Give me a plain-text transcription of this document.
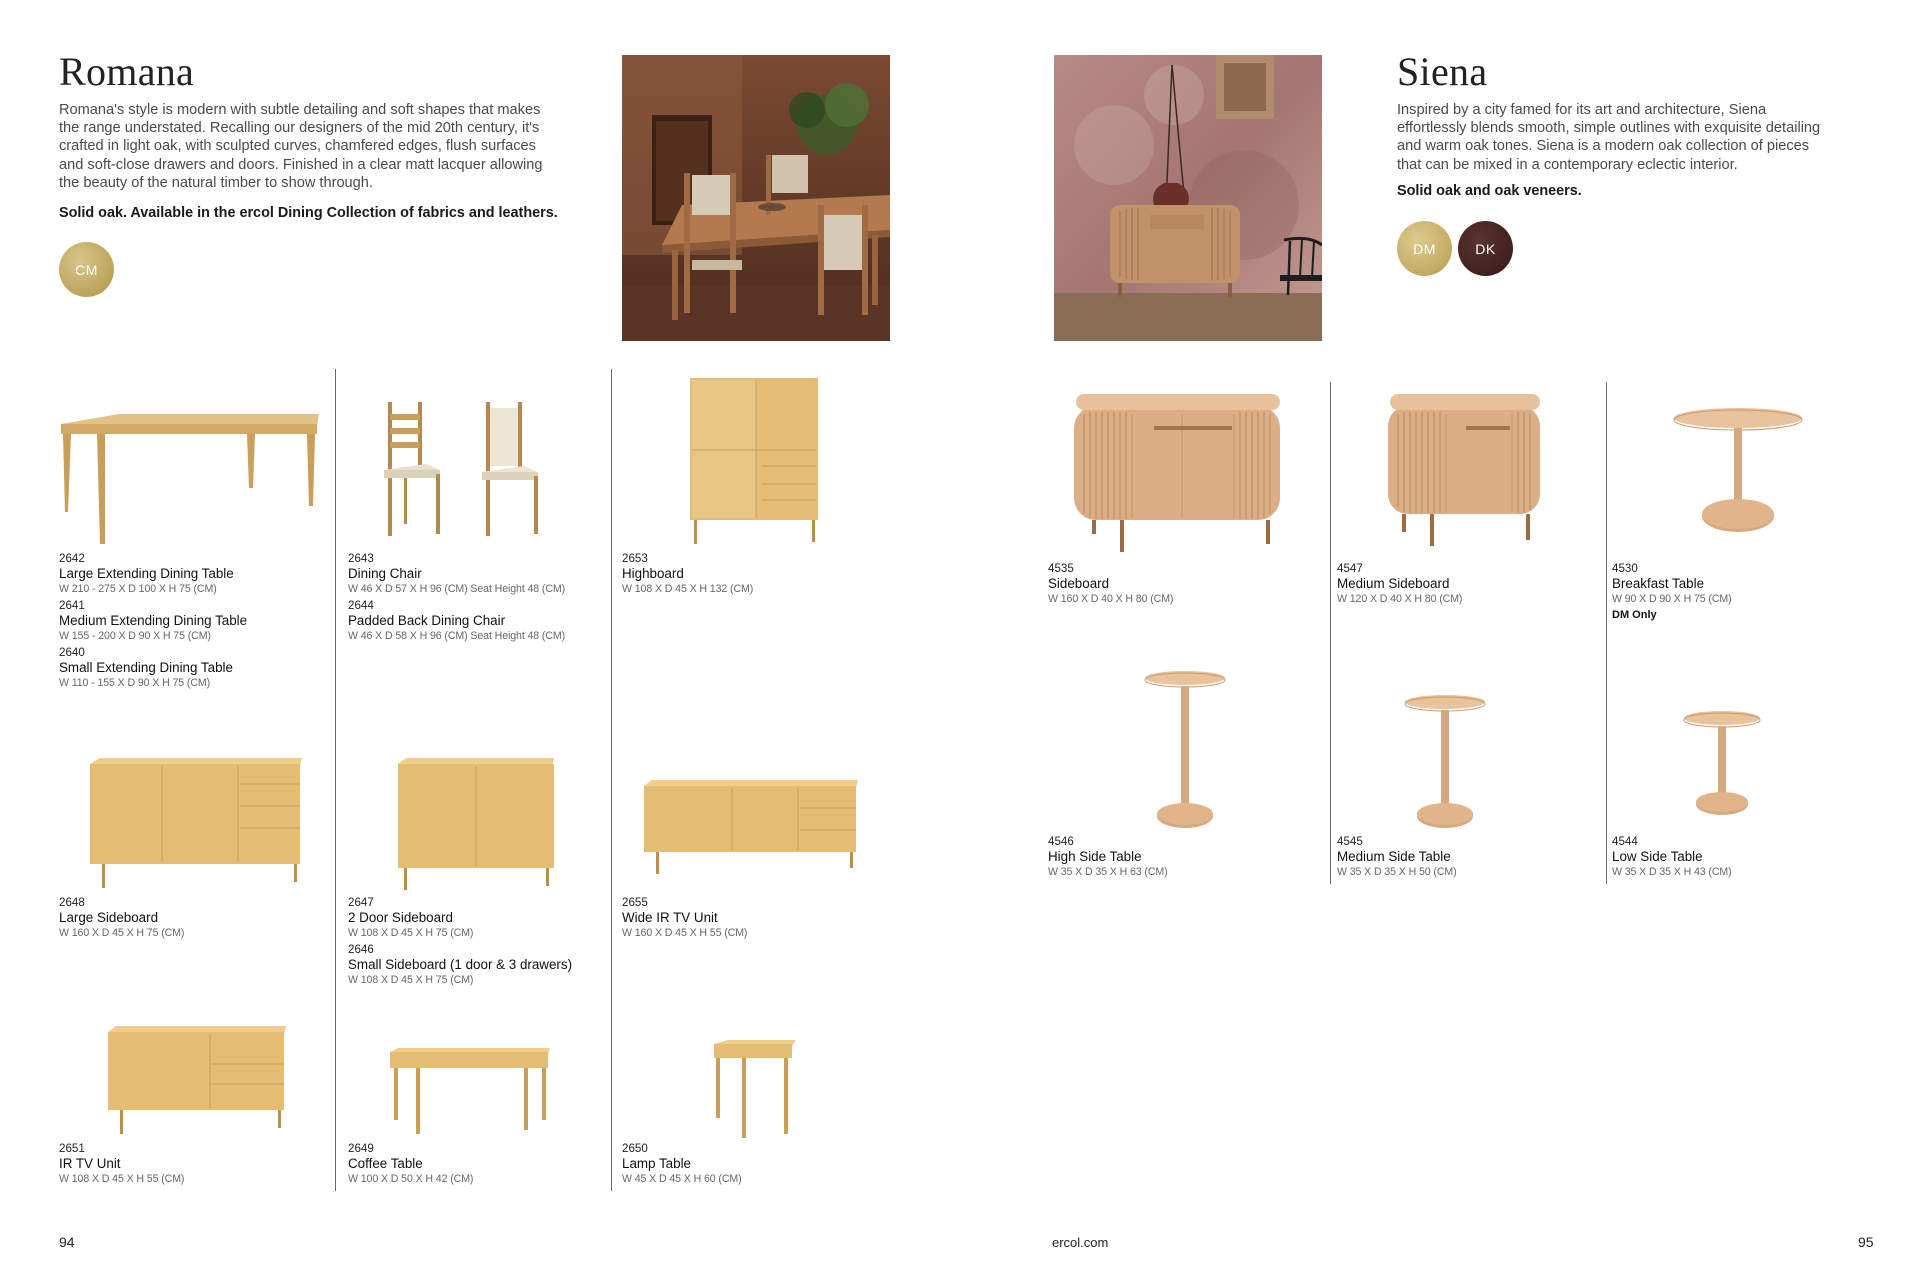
Romana

Romana's style is modern with subtle detailing and soft shapes that makes the range understated. Recalling our designers of the mid 20th century, it's crafted in light oak, with sculpted curves, chamfered edges, flush surfaces and soft-close drawers and doors. Finished in a clear matt lacquer allowing the beauty of the natural timber to show through.

Solid oak. Available in the ercol Dining Collection of fabrics and leathers.

CM
Siena

Inspired by a city famed for its art and architecture, Siena effortlessly blends smooth, simple outlines with exquisite detailing and warm oak tones. Siena is a modern oak collection of pieces that can be mixed in a contemporary eclectic interior.

Solid oak and oak veneers.

DM	DK
2642
Large Extending Dining Table
W 210 - 275 X D 100 X H 75 (CM)
2641
Medium Extending Dining Table
W 155 - 200 X D 90 X H 75 (CM)
2640
Small Extending Dining Table
W 110 - 155 X D 90 X H 75 (CM)
2643
Dining Chair
W 46 X D 57 X H 96 (CM) Seat Height 48 (CM)
2644
Padded Back Dining Chair
W 46 X D 58 X H 96 (CM) Seat Height 48 (CM)
2653
Highboard
W 108 X D 45 X H 132 (CM)
2648
Large Sideboard
W 160 X D 45 X H 75 (CM)
2647
2 Door Sideboard
W 108 X D 45 X H 75 (CM)
2646
Small Sideboard (1 door & 3 drawers)
W 108 X D 45 X H 75 (CM)
2655
Wide IR TV Unit
W 160 X D 45 X H 55 (CM)
2651
IR TV Unit
W 108 X D 45 X H 55 (CM)
2649
Coffee Table
W 100 X D 50 X H 42 (CM)
2650
Lamp Table
W 45 X D 45 X H 60 (CM)
4535
Sideboard
W 160 X D 40 X H 80 (CM)
4547
Medium Sideboard
W 120 X D 40 X H 80 (CM)
4530
Breakfast Table
W 90 X D 90 X H 75 (CM)
DM Only
4546
High Side Table
W 35 X D 35 X H 63 (CM)
4545
Medium Side Table
W 35 X D 35 X H 50 (CM)
4544
Low Side Table
W 35 X D 35 X H 43 (CM)
94	ercol.com	95
